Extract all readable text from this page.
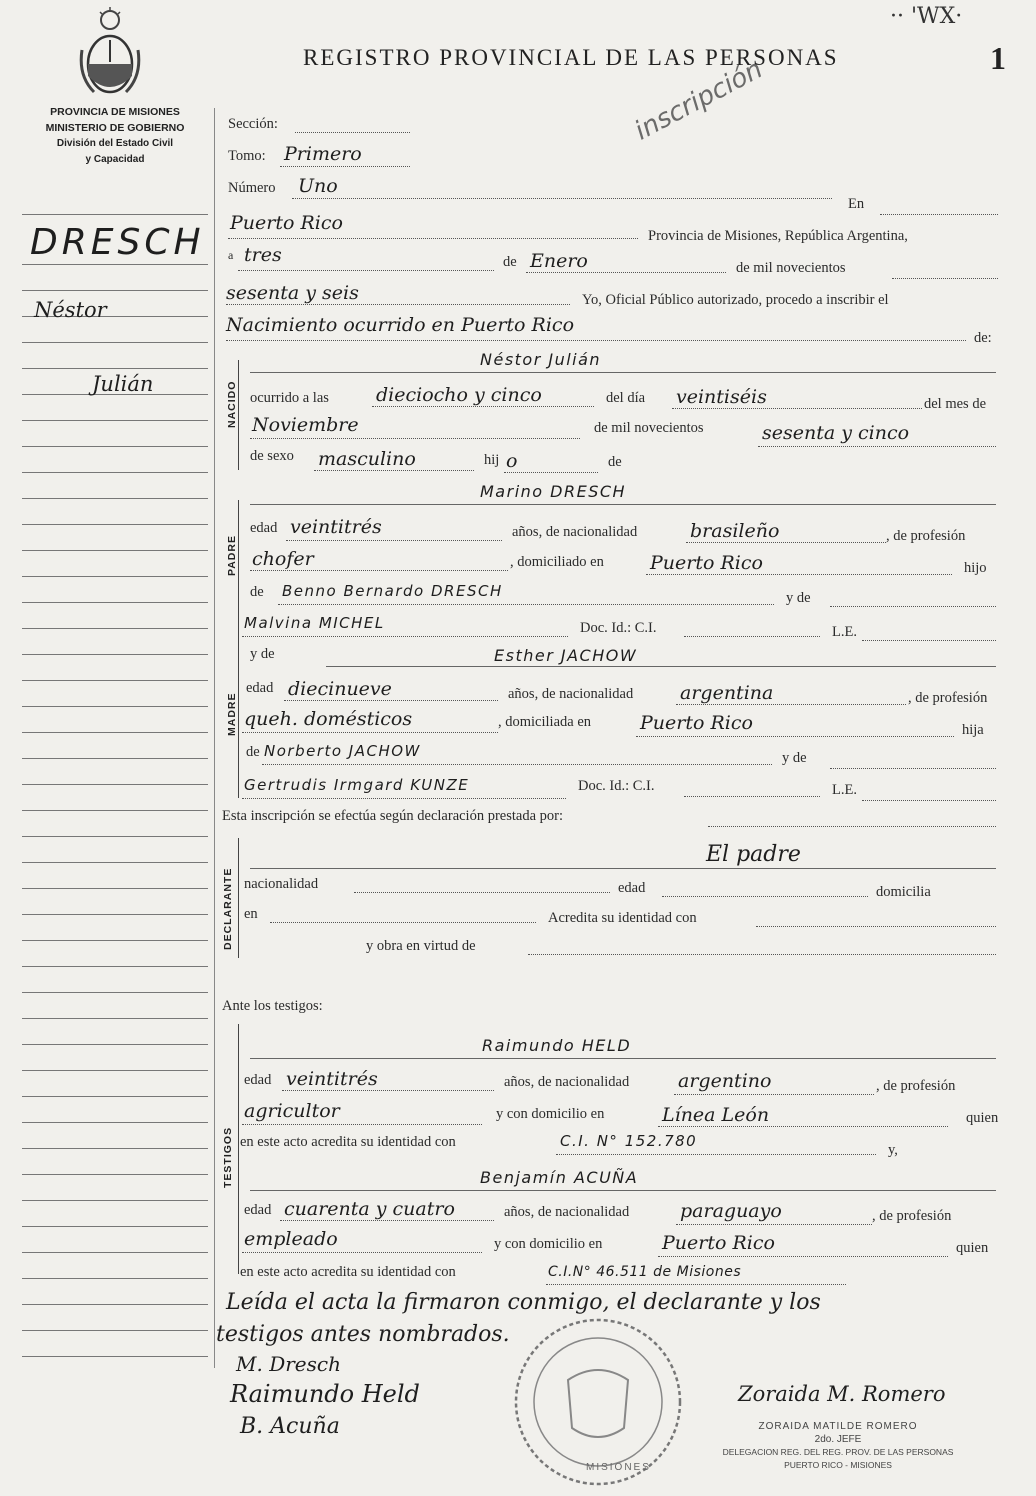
·· 'WX·
1
REGISTRO PROVINCIAL DE LAS PERSONAS
inscripción
PROVINCIA DE MISIONES
MINISTERIO DE GOBIERNO
División del Estado Civil
y Capacidad
DRESCH
Néstor
Julián
Sección:
Tomo: Primero
Número Uno
En
Puerto Rico
Provincia de Misiones, República Argentina,
a tres	de Enero	de mil novecientos
sesenta y seis	Yo, Oficial Público autorizado, procedo a inscribir el
Nacimiento ocurrido en Puerto Rico
de:
NACIDO
Néstor Julián
ocurrido a las dieciocho y cinco	del día veintiséis	del mes de
Noviembre	de mil novecientos	sesenta y cinco
de sexo masculino	hij o	de
PADRE
Marino DRESCH
edad veintitrés	años, de nacionalidad	brasileño	, de profesión
chofer	, domiciliado en Puerto Rico	hijo
de Benno Bernardo DRESCH	y de
Malvina MICHEL	Doc. Id.: C.I.	L.E.
MADRE
y de	Esther JACHOW
edad diecinueve	años, de nacionalidad argentina	, de profesión
queh. domésticos	, domiciliada en	Puerto Rico	hija
de Norberto JACHOW	y de
Gertrudis Irmgard KUNZE	Doc. Id.: C.I.	L.E.
Esta inscripción se efectúa según declaración prestada por:
DECLARANTE
El padre
nacionalidad	edad	domicilia
en	Acredita su identidad con
y obra en virtud de
Ante los testigos:
TESTIGOS
Raimundo HELD
edad veintitrés	años, de nacionalidad	argentino	, de profesión
agricultor	y con domicilio en	Línea León	quien
en este acto acredita su identidad con	C.I. N° 152.780	y,
Benjamín ACUÑA
edad cuarenta y cuatro	años, de nacionalidad	paraguayo	, de profesión
empleado	y con domicilio en	Puerto Rico	quien
en este acto acredita su identidad con	C.I.N° 46.511 de Misiones
Leída el acta la firmaron conmigo, el declarante y los
testigos antes nombrados.
MISIONES
M. Dresch
Raimundo Held
B. Acuña
Zoraida M. Romero
ZORAIDA MATILDE ROMERO
2do. JEFE
DELEGACION REG. DEL REG. PROV. DE LAS PERSONAS
PUERTO RICO - MISIONES
